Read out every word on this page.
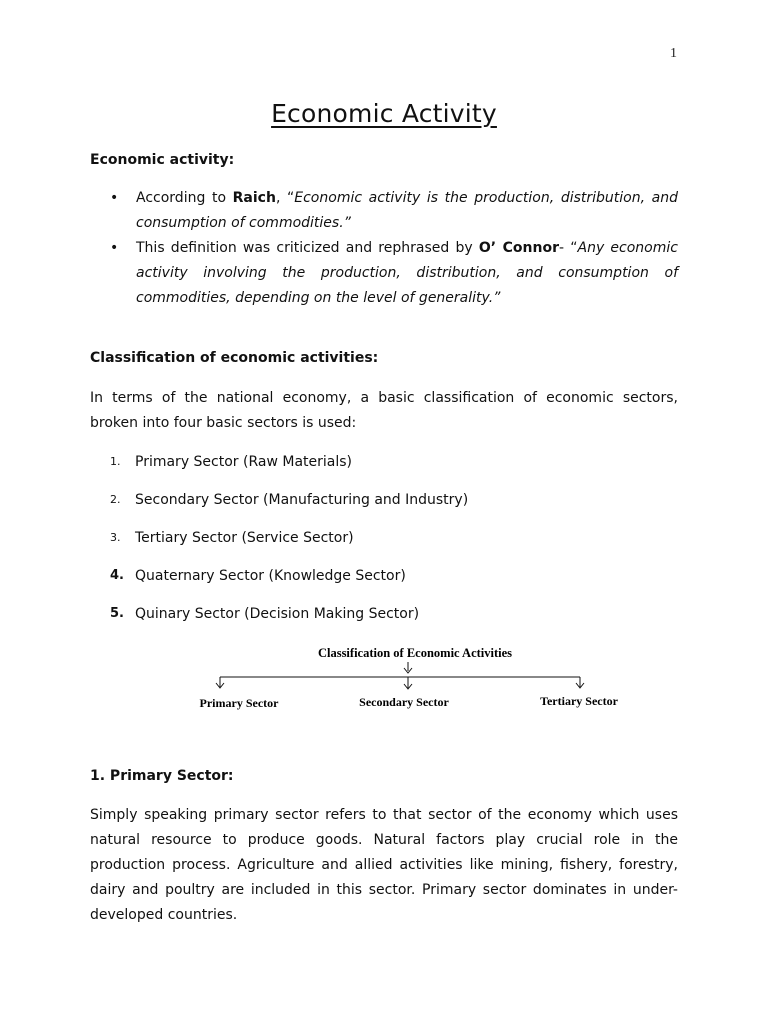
1
Economic Activity
Economic activity:
• According to Raich, “Economic activity is the production, distribution, and consumption of commodities.”
• This definition was criticized and rephrased by O’ Connor- “Any economic activity involving the production, distribution, and consumption of commodities, depending on the level of generality.”
Classification of economic activities:

In terms of the national economy, a basic classification of economic sectors, broken into four basic sectors is used:

1.	Primary Sector (Raw Materials)
2.	Secondary Sector (Manufacturing and Industry)
3.	Tertiary Sector (Service Sector)
4. Quaternary Sector (Knowledge Sector)
5. Quinary Sector (Decision Making Sector)
Classification of Economic Activities
Primary Sector	Secondary Sector	Tertiary Sector
1. Primary Sector:

Simply speaking primary sector refers to that sector of the economy which uses natural resource to produce goods. Natural factors play crucial role in the production process. Agriculture and allied activities like mining, fishery, forestry, dairy and poultry are included in this sector. Primary sector dominates in under-developed countries.
